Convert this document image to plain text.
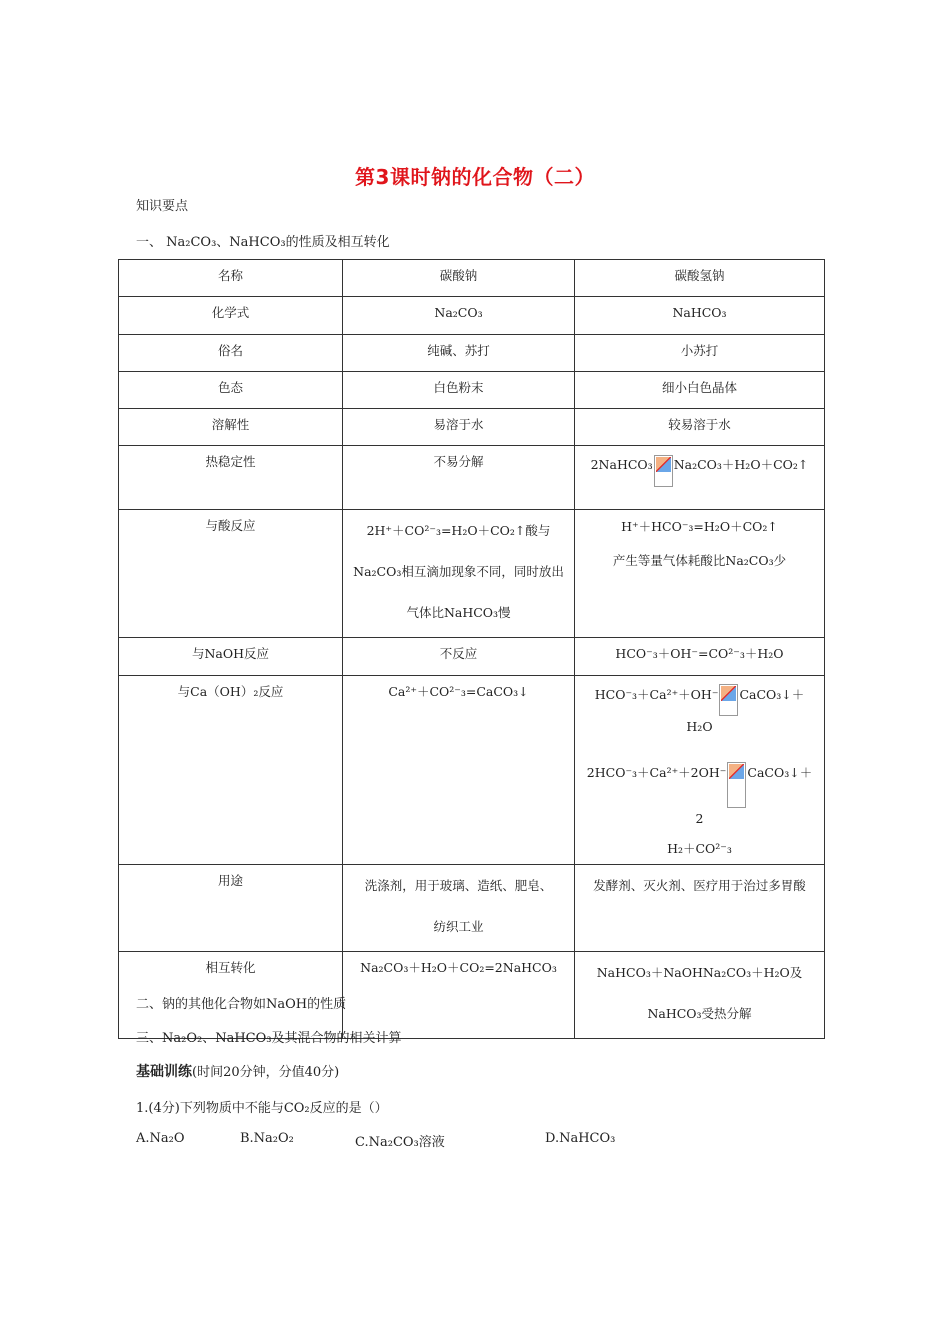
第3课时钠的化合物（二）
知识要点
一、 Na₂CO₃、NaHCO₃的性质及相互转化
名称	碳酸钠	碳酸氢钠
化学式	Na₂CO₃	NaHCO₃
俗名	纯碱、苏打	小苏打
色态	白色粉末	细小白色晶体
溶解性	易溶于水	较易溶于水
热稳定性	不易分解	2NaHCO₃ Na₂CO₃＋H₂O＋CO₂↑
与酸反应	2H⁺＋CO²⁻₃=H₂O＋CO₂↑酸与Na₂CO₃相互滴加现象不同，同时放出气体比NaHCO₃慢	H⁺＋HCO⁻₃=H₂O＋CO₂↑
产生等量气体耗酸比Na₂CO₃少

与NaOH反应	不反应	HCO⁻₃＋OH⁻=CO²⁻₃＋H₂O
与Ca（OH）₂反应	Ca²⁺＋CO²⁻₃=CaCO₃↓	HCO⁻₃＋Ca²⁺＋OH⁻ CaCO₃↓＋H₂O
2HCO⁻₃＋Ca²⁺＋2OH⁻ CaCO₃↓＋2
H₂＋CO²⁻₃

用途	洗涤剂，用于玻璃、造纸、肥皂、纺织工业	发酵剂、灭火剂、医疗用于治过多胃酸
相互转化	Na₂CO₃＋H₂O＋CO₂=2NaHCO₃	NaHCO₃＋NaOHNa₂CO₃＋H₂O及NaHCO₃受热分解
二、钠的其他化合物如NaOH的性质
三、Na₂O₂、NaHCO₃及其混合物的相关计算
基础训练(时间20分钟，分值40分)
1.(4分)下列物质中不能与CO₂反应的是（）
A.Na₂O	B.Na₂O₂	C.Na₂CO₃溶液	D.NaHCO₃
